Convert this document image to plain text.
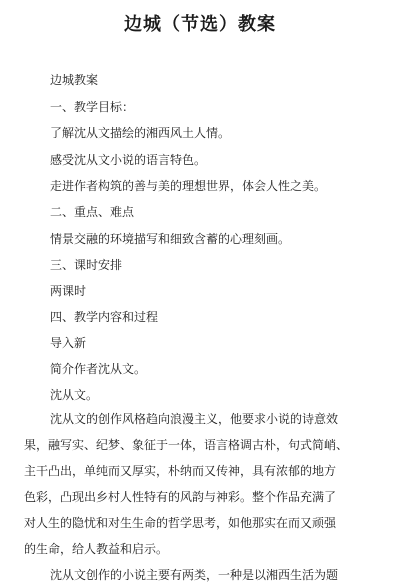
边城（节选）教案
边城教案
一、教学目标：
了解沈从文描绘的湘西风土人情。
感受沈从文小说的语言特色。
走进作者构筑的善与美的理想世界，体会人性之美。
二、重点、难点
情景交融的环境描写和细致含蓄的心理刻画。
三、课时安排
两课时
四、教学内容和过程
导入新
简介作者沈从文。
沈从文。

沈从文的创作风格趋向浪漫主义，他要求小说的诗意效

果，融写实、纪梦、象征于一体，语言格调古朴，句式简峭、

主干凸出，单纯而又厚实，朴纳而又传神，具有浓郁的地方

色彩，凸现出乡村人性特有的风韵与神彩。整个作品充满了

对人生的隐忧和对生生命的哲学思考，如他那实在而又顽强

的生命，给人教益和启示。

沈从文创作的小说主要有两类，一种是以湘西生活为题
